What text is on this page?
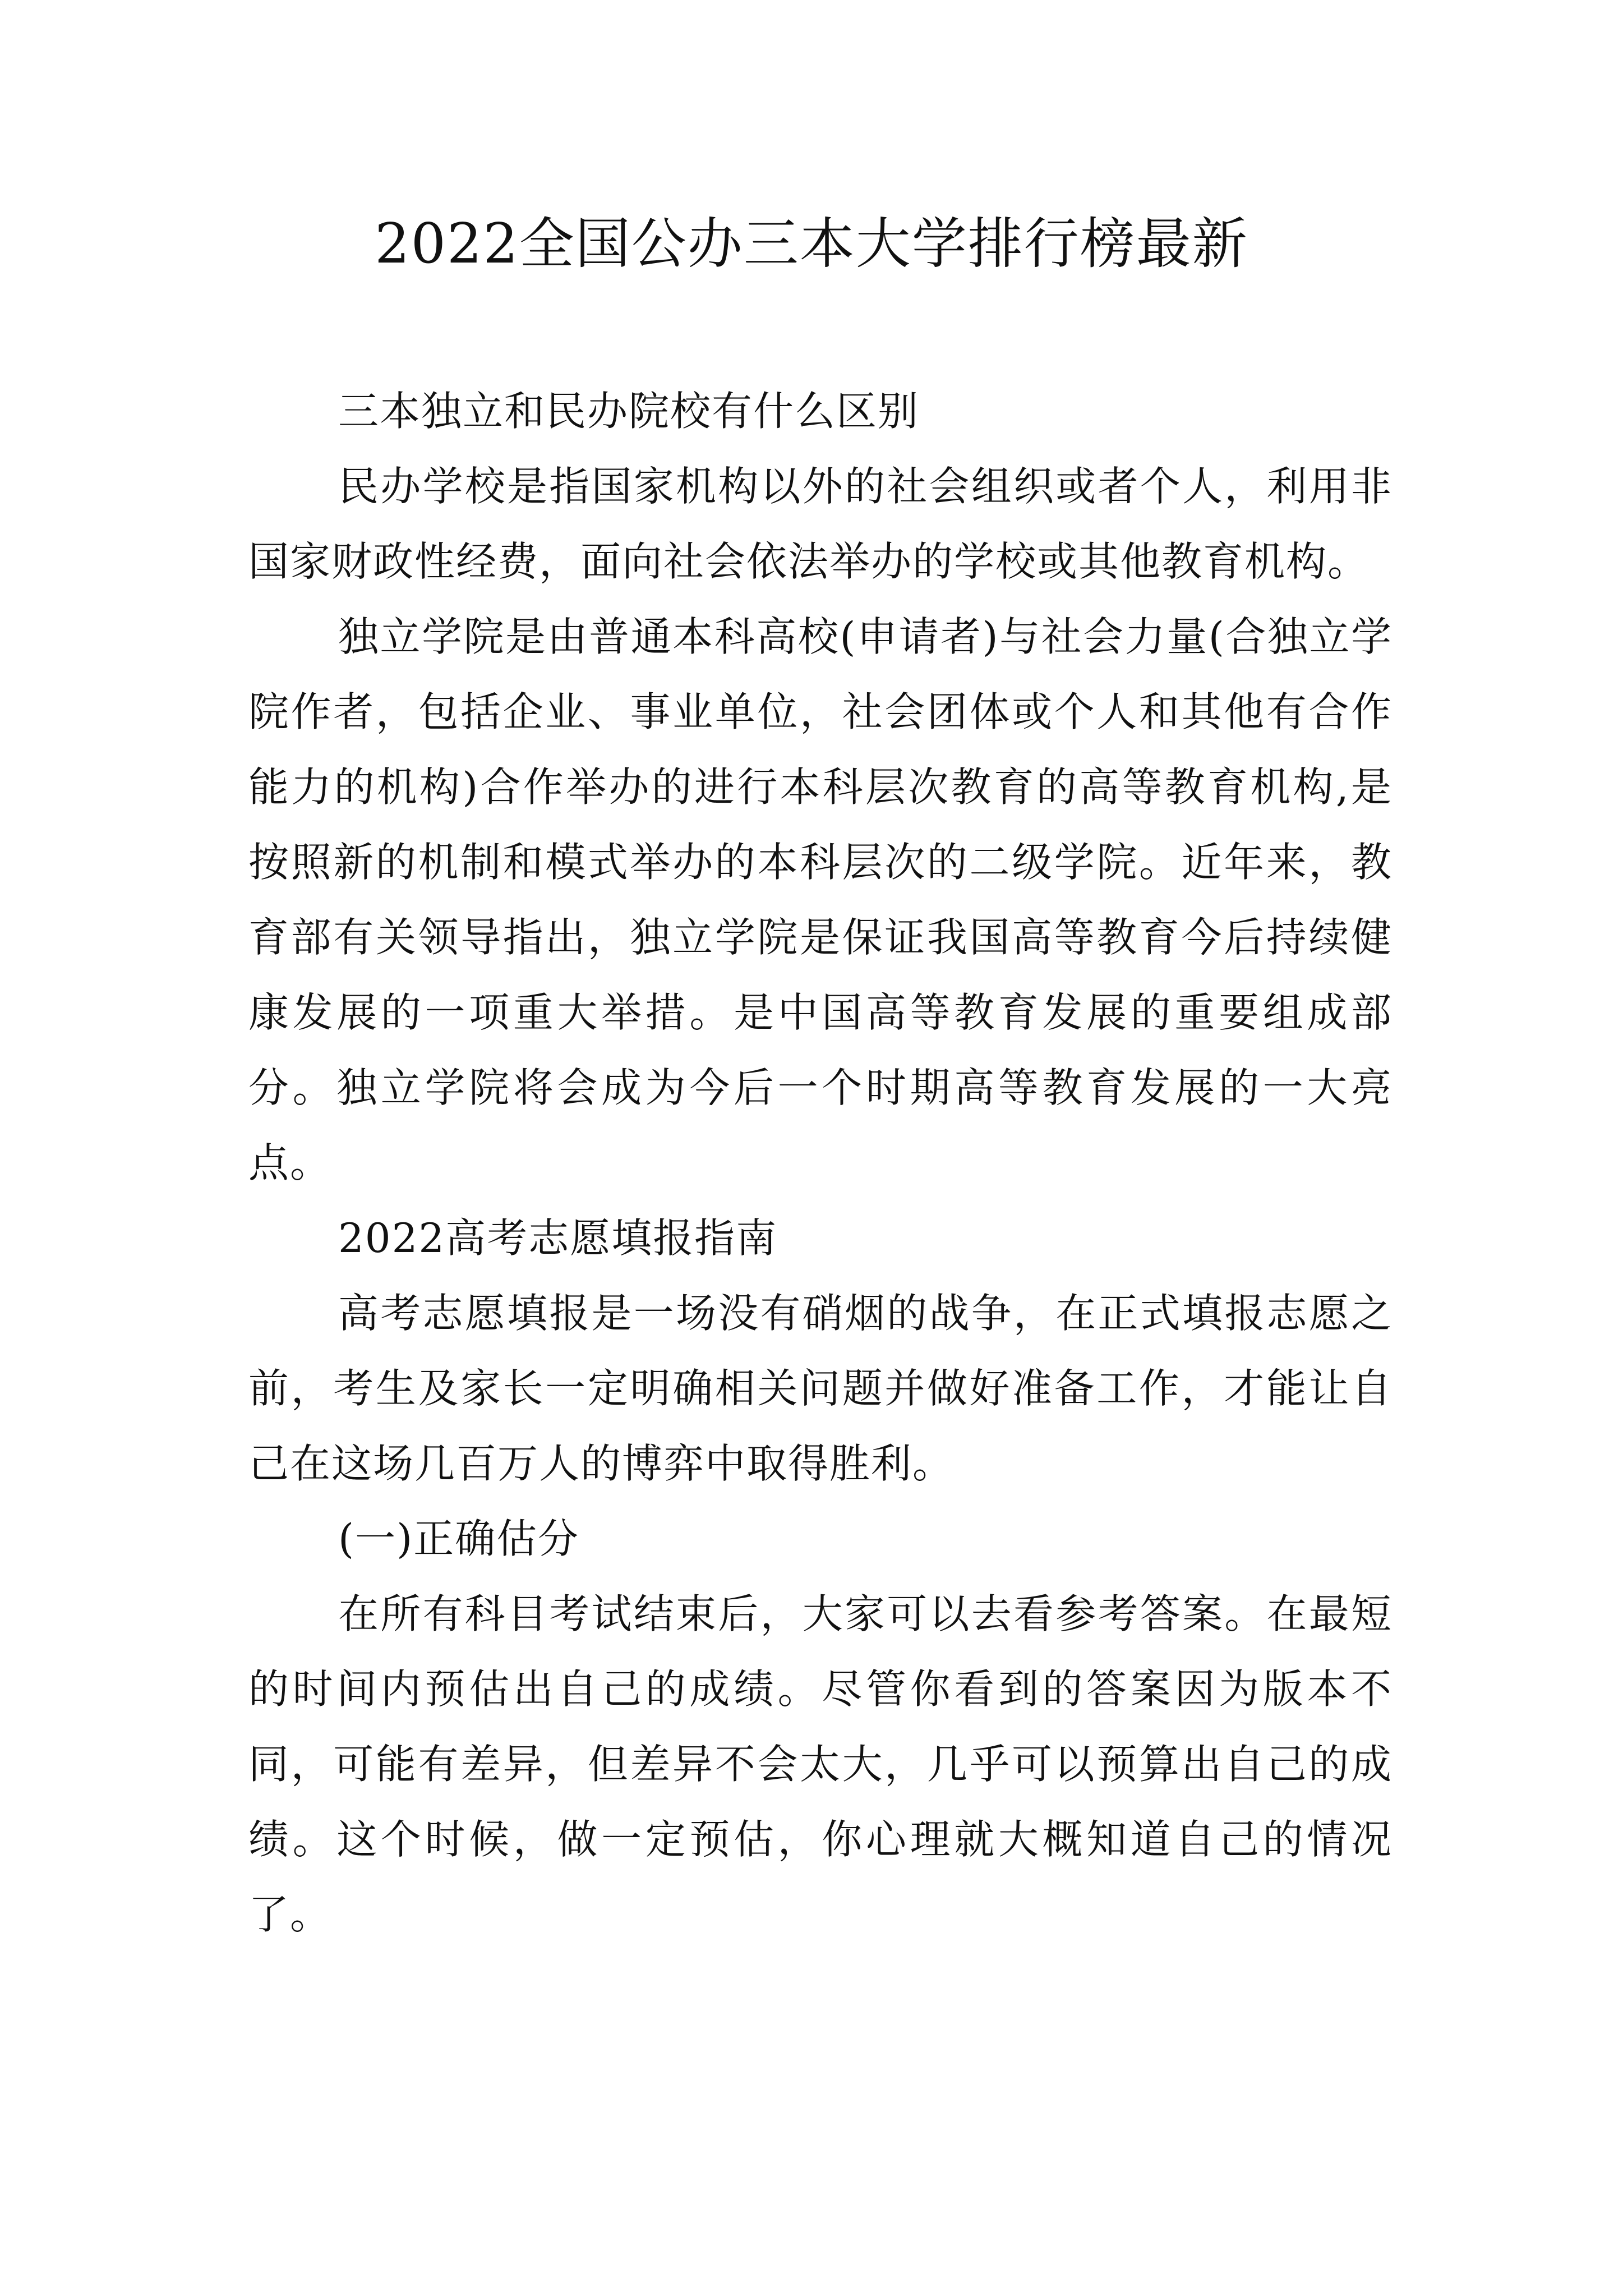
2022全国公办三本大学排行榜最新

三本独立和民办院校有什么区别

民办学校是指国家机构以外的社会组织或者个人，利用非国家财政性经费，面向社会依法举办的学校或其他教育机构。

独立学院是由普通本科高校(申请者)与社会力量(合独立学院作者，包括企业、事业单位，社会团体或个人和其他有合作能力的机构)合作举办的进行本科层次教育的高等教育机构,是按照新的机制和模式举办的本科层次的二级学院。近年来，教育部有关领导指出，独立学院是保证我国高等教育今后持续健康发展的一项重大举措。是中国高等教育发展的重要组成部分。独立学院将会成为今后一个时期高等教育发展的一大亮点。

2022高考志愿填报指南

高考志愿填报是一场没有硝烟的战争，在正式填报志愿之前，考生及家长一定明确相关问题并做好准备工作，才能让自己在这场几百万人的博弈中取得胜利。

(一)正确估分

在所有科目考试结束后，大家可以去看参考答案。在最短的时间内预估出自己的成绩。尽管你看到的答案因为版本不同，可能有差异，但差异不会太大，几乎可以预算出自己的成绩。这个时候，做一定预估，你心理就大概知道自己的情况了。
